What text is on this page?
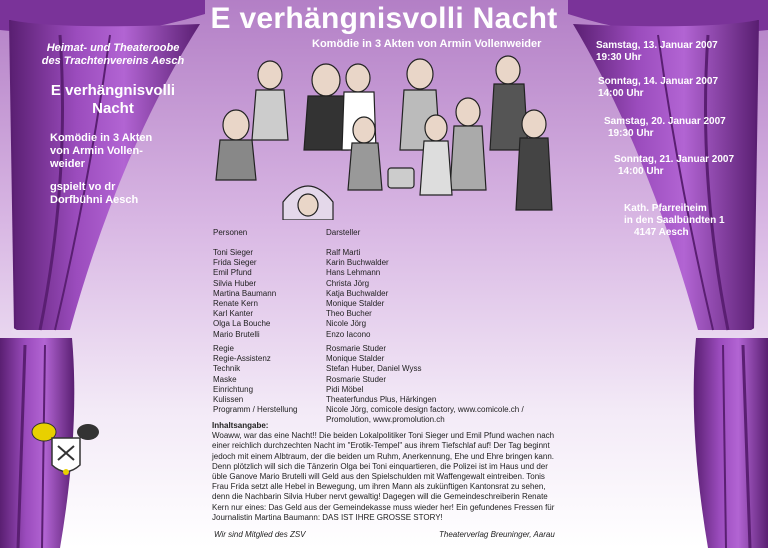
E verhängnisvolli Nacht
Komödie in 3 Akten von Armin Vollenweider
Heimat- und Theateroobe
des Trachtenvereins Aesch
E verhängnisvolli
Nacht
Komödie in 3 Akten
von Armin Vollen-
weider
gspielt vo dr
Dorfbühni Aesch
Samstag, 13. Januar 2007
19:30 Uhr
Sonntag, 14. Januar 2007
14:00 Uhr
Samstag, 20. Januar 2007
19:30 Uhr
Sonntag, 21. Januar 2007
14:00 Uhr
Kath. Pfarreiheim
in den Saalbündten 1
4147 Aesch
Personen	Darsteller
Toni Sieger
Frida Sieger
Emil Pfund
Silvia Huber
Martina Baumann
Renate Kern
Karl Kanter
Olga La Bouche
Mario Brutelli
Ralf Marti
Karin Buchwalder
Hans Lehmann
Christa Jörg
Katja Buchwalder
Monique Stalder
Theo Bucher
Nicole Jörg
Enzo Iacono
Regie
Regie-Assistenz
Technik
Maske
Einrichtung
Kulissen
Programm / Herstellung
Rosmarie Studer
Monique Stalder
Stefan Huber, Daniel Wyss
Rosmarie Studer
Pidi Möbel
Theaterfundus Plus, Härkingen
Nicole Jörg, comicole design factory, www.comicole.ch /
Promolution, www.promolution.ch
Inhaltsangabe:
Woaww, war das eine Nacht!! Die beiden Lokalpolitiker Toni Sieger und Emil Pfund wachen nach einer reichlich durchzechten Nacht im "Erotik-Tempel" aus ihrem Tiefschlaf auf! Der Tag beginnt jedoch mit einem Albtraum, der die beiden um Ruhm, Anerkennung, Ehe und Ehre bringen kann. Denn plötzlich will sich die Tänzerin Olga bei Toni einquartieren, die Polizei ist im Haus und der üble Ganove Mario Brutelli will Geld aus den Spielschulden mit Waffengewalt eintreiben. Tonis Frau Frida setzt alle Hebel in Bewegung, um ihren Mann als zukünftigen Kantonsrat zu sehen, denn die Nachbarin Silvia Huber nervt gewaltig! Dagegen will die Gemeindeschreiberin Renate Kern nur eines: Das Geld aus der Gemeindekasse muss wieder her! Ein gefundenes Fressen für Journalistin Martina Baumann: DAS IST IHRE GROSSE STORY!
Wir sind Mitglied des ZSV	Theaterverlag Breuninger, Aarau
